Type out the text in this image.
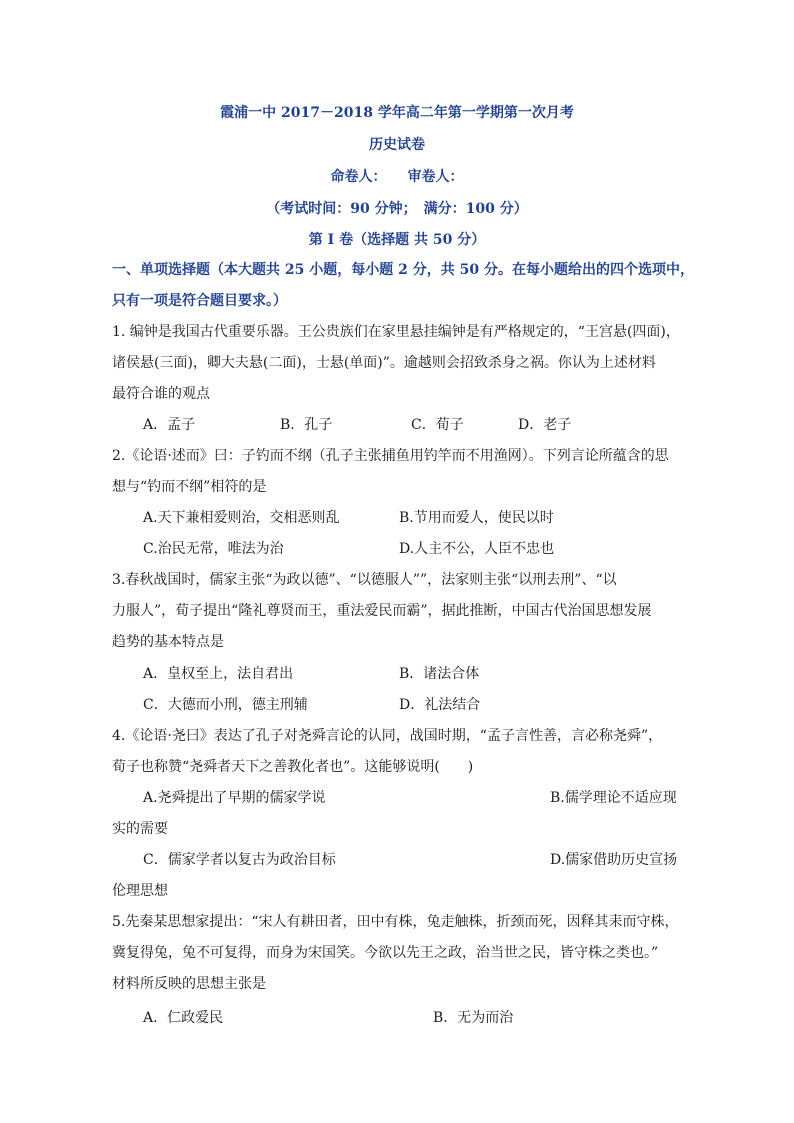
霞浦一中 2017－2018 学年高二年第一学期第一次月考
历史试卷
命卷人：　　审卷人：
（考试时间：90 分钟；　满分：100 分）
第 I 卷（选择题 共 50 分）
一、单项选择题（本大题共 25 小题，每小题 2 分，共 50 分。在每小题给出的四个选项中，
只有一项是符合题目要求。）
1. 编钟是我国古代重要乐器。王公贵族们在家里悬挂编钟是有严格规定的，“王宫悬(四面)，
诸侯悬(三面)，卿大夫悬(二面)，士悬(单面)”。逾越则会招致杀身之祸。你认为上述材料
最符合谁的观点
A．孟子	B．孔子	C．荀子	D．老子
2.《论语·述而》曰：子钓而不纲（孔子主张捕鱼用钓竿而不用渔网）。下列言论所蕴含的思
想与“钓而不纲”相符的是
A.天下兼相爱则治，交相恶则乱	B.节用而爱人，使民以时
C.治民无常，唯法为治	D.人主不公，人臣不忠也
3.春秋战国时，儒家主张“为政以德”、“以德服人””，法家则主张“以刑去刑”、“以
力服人”，荀子提出“隆礼尊贤而王，重法爱民而霸”，据此推断，中国古代治国思想发展
趋势的基本特点是
A．皇权至上，法自君出	B．诸法合体
C．大德而小刑，德主刑辅	D．礼法结合
4.《论语·尧曰》表达了孔子对尧舜言论的认同，战国时期，“孟子言性善，言必称尧舜”，
荀子也称赞“尧舜者天下之善教化者也”。这能够说明(　　)
A.尧舜提出了早期的儒家学说	B.儒学理论不适应现
实的需要
C．儒家学者以复古为政治目标	D.儒家借助历史宣扬
伦理思想
5.先秦某思想家提出：“宋人有耕田者，田中有株，兔走触株，折颈而死，因释其耒而守株，
冀复得兔，兔不可复得，而身为宋国笑。今欲以先王之政，治当世之民，皆守株之类也。”
材料所反映的思想主张是
A．仁政爱民	B．无为而治
